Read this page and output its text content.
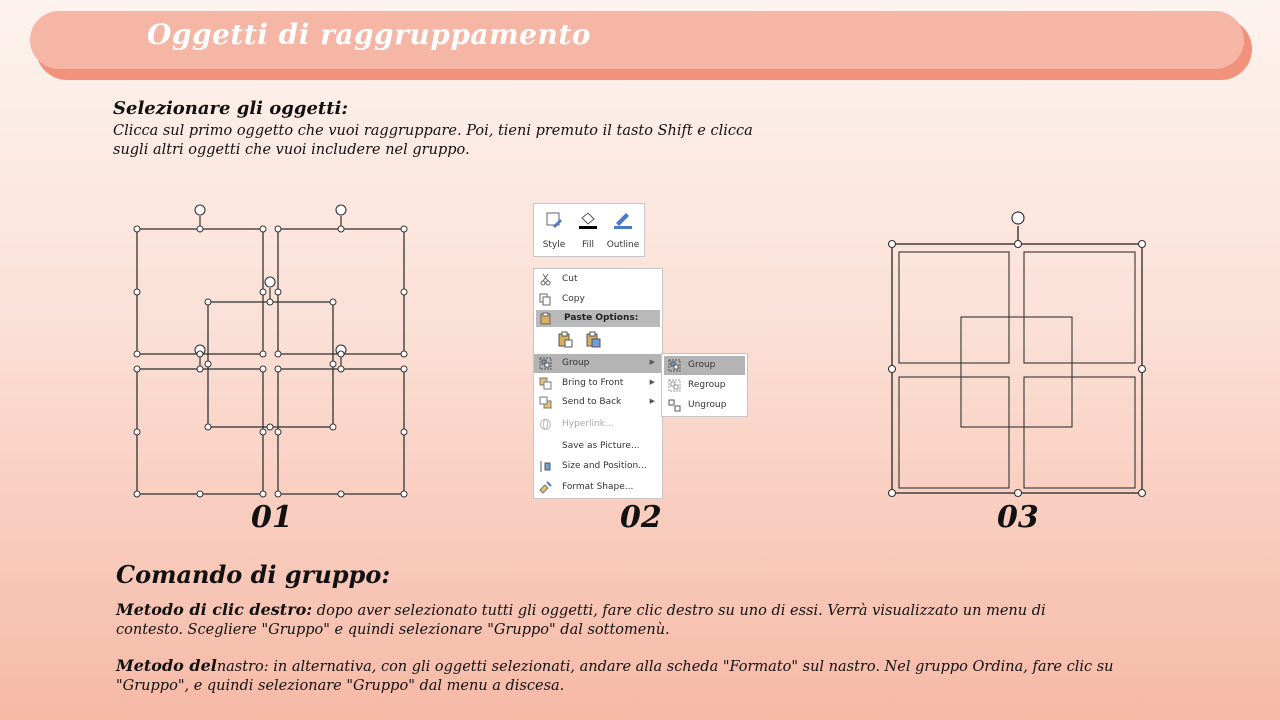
Oggetti di raggruppamento
Selezionare gli oggetti:
Clicca sul primo oggetto che vuoi raggruppare. Poi, tieni premuto il tasto Shift e clicca sugli altri oggetti che vuoi includere nel gruppo.
01
Style	Fill	Outline
Cut
Copy
Paste Options:
Group	▶
Bring to Front	▶
Send to Back	▶
Hyperlink...
Save as Picture...
Size and Position...
Format Shape...
Group
Regroup
Ungroup
02	03
Comando di gruppo:
Metodo di clic destro: dopo aver selezionato tutti gli oggetti, fare clic destro su uno di essi. Verrà visualizzato un menu di contesto. Scegliere "Gruppo" e quindi selezionare "Gruppo" dal sottomenù.
Metodo delnastro: in alternativa, con gli oggetti selezionati, andare alla scheda "Formato" sul nastro. Nel gruppo Ordina, fare clic su "Gruppo", e quindi selezionare "Gruppo" dal menu a discesa.
